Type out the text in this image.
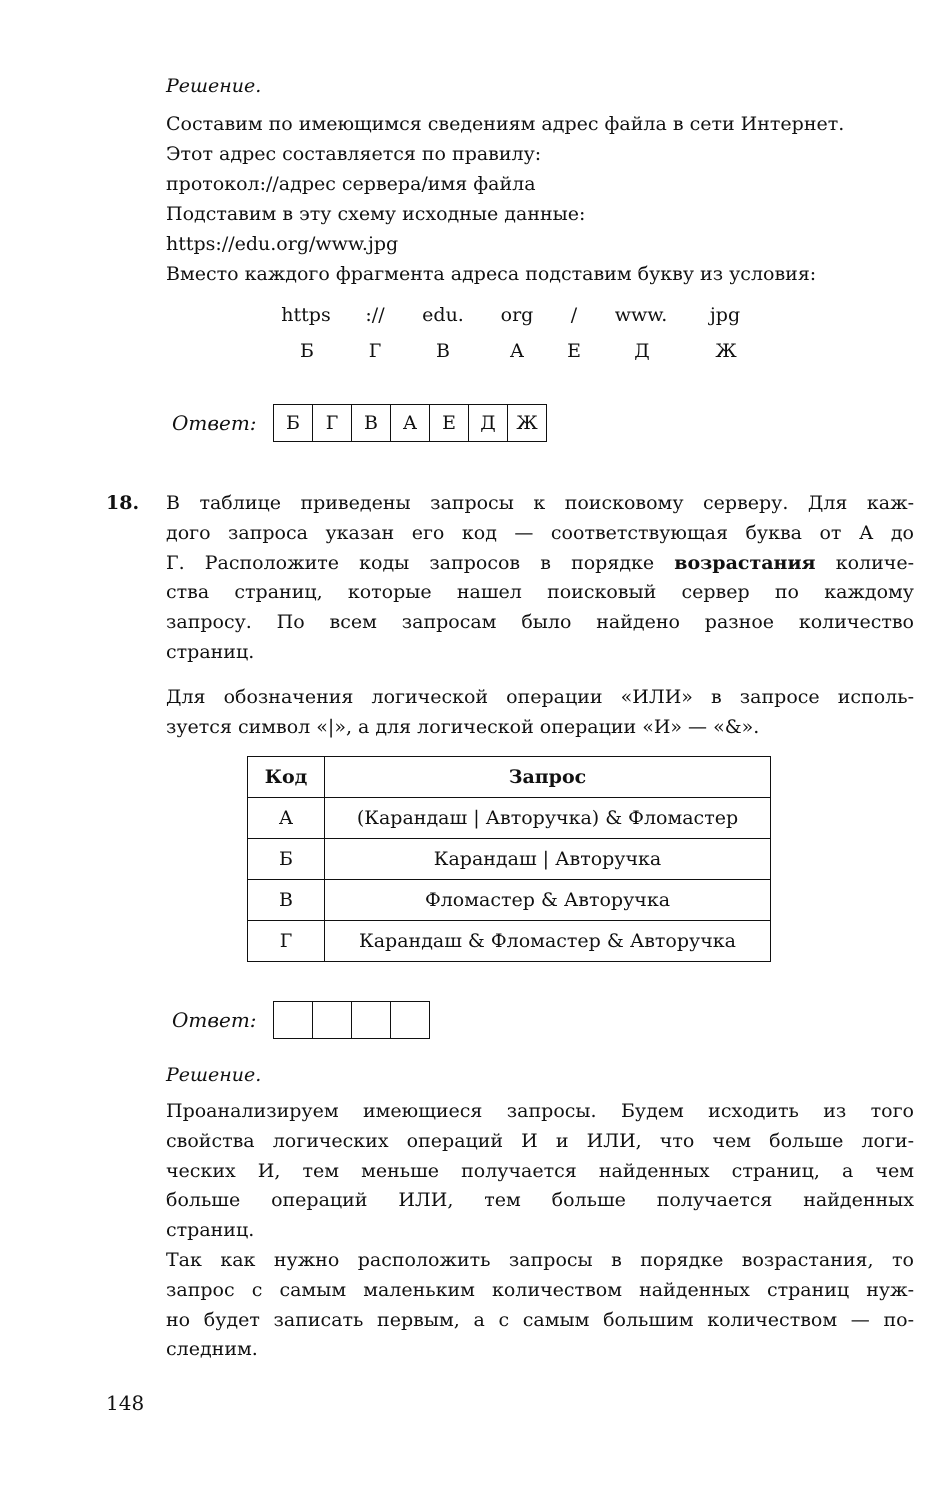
Решение.
Составим по имеющимся сведениям адрес файла в сети Интернет.
Этот адрес составляется по правилу:
протокол://адрес сервера/имя файла
Подставим в эту схему исходные данные:
https://edu.org/www.jpg
Вместо каждого фрагмента адреса подставим букву из условия:
https	://	edu.	org	/	www.	jpg
Б	Г	В	А	Е	Д	Ж
Ответ:	Б	Г	В	А	Е	Д	Ж
18. В таблице приведены запросы к поисковому серверу. Для каж-
дого запроса указан его код — соответствующая буква от А до
Г. Расположите коды запросов в порядке возрастания количе-
ства страниц, которые нашел поисковый сервер по каждому
запросу. По всем запросам было найдено разное количество
страниц.
Для обозначения логической операции «ИЛИ» в запросе исполь-
зуется символ «|», а для логической операции «И» — «&».
Код	Запрос
А	(Карандаш | Авторучка) & Фломастер
Б	Карандаш | Авторучка
В	Фломастер & Авторучка
Г	Карандаш & Фломастер & Авторучка
Ответ:
Решение.
Проанализируем имеющиеся запросы. Будем исходить из того
свойства логических операций И и ИЛИ, что чем больше логи-
ческих И, тем меньше получается найденных страниц, а чем
больше операций ИЛИ, тем больше получается найденных
страниц.
Так как нужно расположить запросы в порядке возрастания, то
запрос с самым маленьким количеством найденных страниц нуж-
но будет записать первым, а с самым большим количеством — по-
следним.
148
